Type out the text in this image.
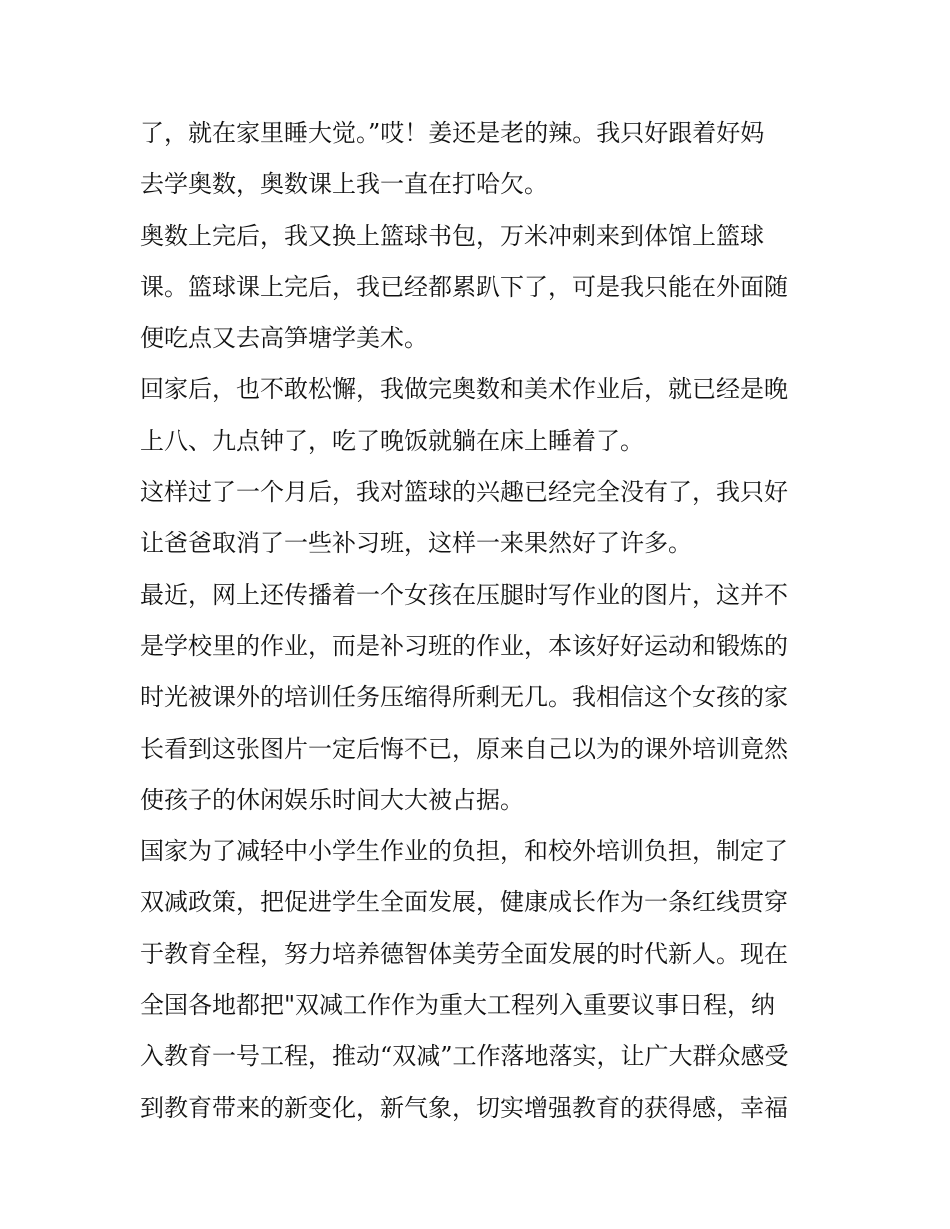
了，就在家里睡大觉。”哎！姜还是老的辣。我只好跟着好妈
去学奥数，奥数课上我一直在打哈欠。
奥数上完后，我又换上篮球书包，万米冲刺来到体馆上篮球
课。篮球课上完后，我已经都累趴下了，可是我只能在外面随
便吃点又去高笋塘学美术。
回家后，也不敢松懈，我做完奥数和美术作业后，就已经是晚
上八、九点钟了，吃了晚饭就躺在床上睡着了。
这样过了一个月后，我对篮球的兴趣已经完全没有了，我只好
让爸爸取消了一些补习班，这样一来果然好了许多。
最近，网上还传播着一个女孩在压腿时写作业的图片，这并不
是学校里的作业，而是补习班的作业，本该好好运动和锻炼的
时光被课外的培训任务压缩得所剩无几。我相信这个女孩的家
长看到这张图片一定后悔不已，原来自己以为的课外培训竟然
使孩子的休闲娱乐时间大大被占据。
国家为了减轻中小学生作业的负担，和校外培训负担，制定了
双减政策，把促进学生全面发展，健康成长作为一条红线贯穿
于教育全程，努力培养德智体美劳全面发展的时代新人。现在
全国各地都把"双减工作作为重大工程列入重要议事日程，纳
入教育一号工程，推动“双减”工作落地落实，让广大群众感受
到教育带来的新变化，新气象，切实增强教育的获得感，幸福
